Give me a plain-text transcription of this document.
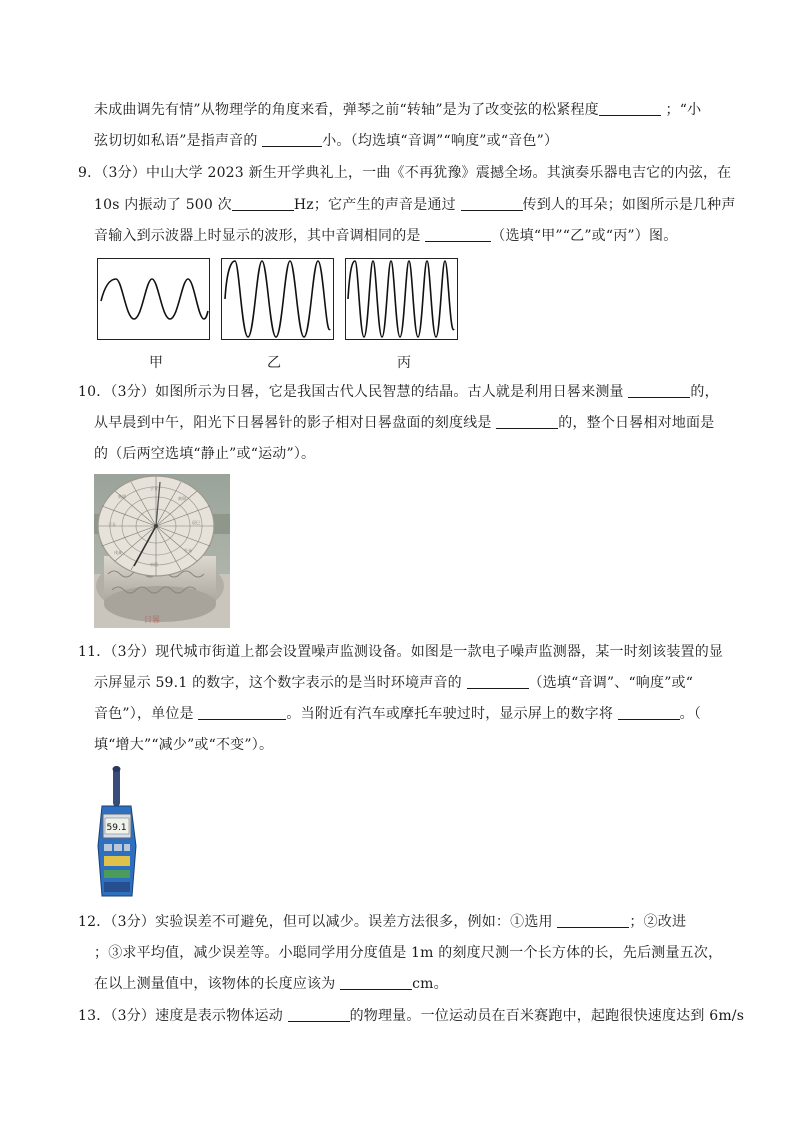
未成曲调先有情”从物理学的角度来看，弹琴之前“转轴”是为了改变弦的松紧程度	；“小
弦切切如私语”是指声音的	小。（均选填“音调”“响度”或“音色”）
9．（3分）中山大学 2023 新生开学典礼上，一曲《不再犹豫》震撼全场。其演奏乐器电吉它的内弦，在
10s 内振动了 500 次	Hz；它产生的声音是通过	传到人的耳朵；如图所示是几种声
音输入到示波器上时显示的波形，其中音调相同的是	（选填“甲”“乙”或“丙”）图。
甲	乙	丙
10．（3分）如图所示为日晷，它是我国古代人民智慧的结晶。古人就是利用日晷来测量	的，
从早晨到中午，阳光下日晷晷针的影子相对日晷盘面的刻度线是	的，整个日晷相对地面是
的（后两空选填“静止”或“运动”）。
子丑
寅卯
辰巳
午未
申酉
戌亥
子丑
寅卯
日晷
11．（3分）现代城市街道上都会设置噪声监测设备。如图是一款电子噪声监测器，某一时刻该装置的显
示屏显示 59.1 的数字，这个数字表示的是当时环境声音的	（选填“音调”、“响度”或“
音色”），单位是	。当附近有汽车或摩托车驶过时，显示屏上的数字将	。（
填“增大”“减少”或“不变”）。
59.1
12．（3分）实验误差不可避免，但可以减少。误差方法很多，例如：①选用	；②改进
；③求平均值，减少误差等。小聪同学用分度值是 1m 的刻度尺测一个长方体的长，先后测量五次，
在以上测量值中，该物体的长度应该为	cm。
13．（3分）速度是表示物体运动	的物理量。一位运动员在百米赛跑中，起跑很快速度达到 6m/s
